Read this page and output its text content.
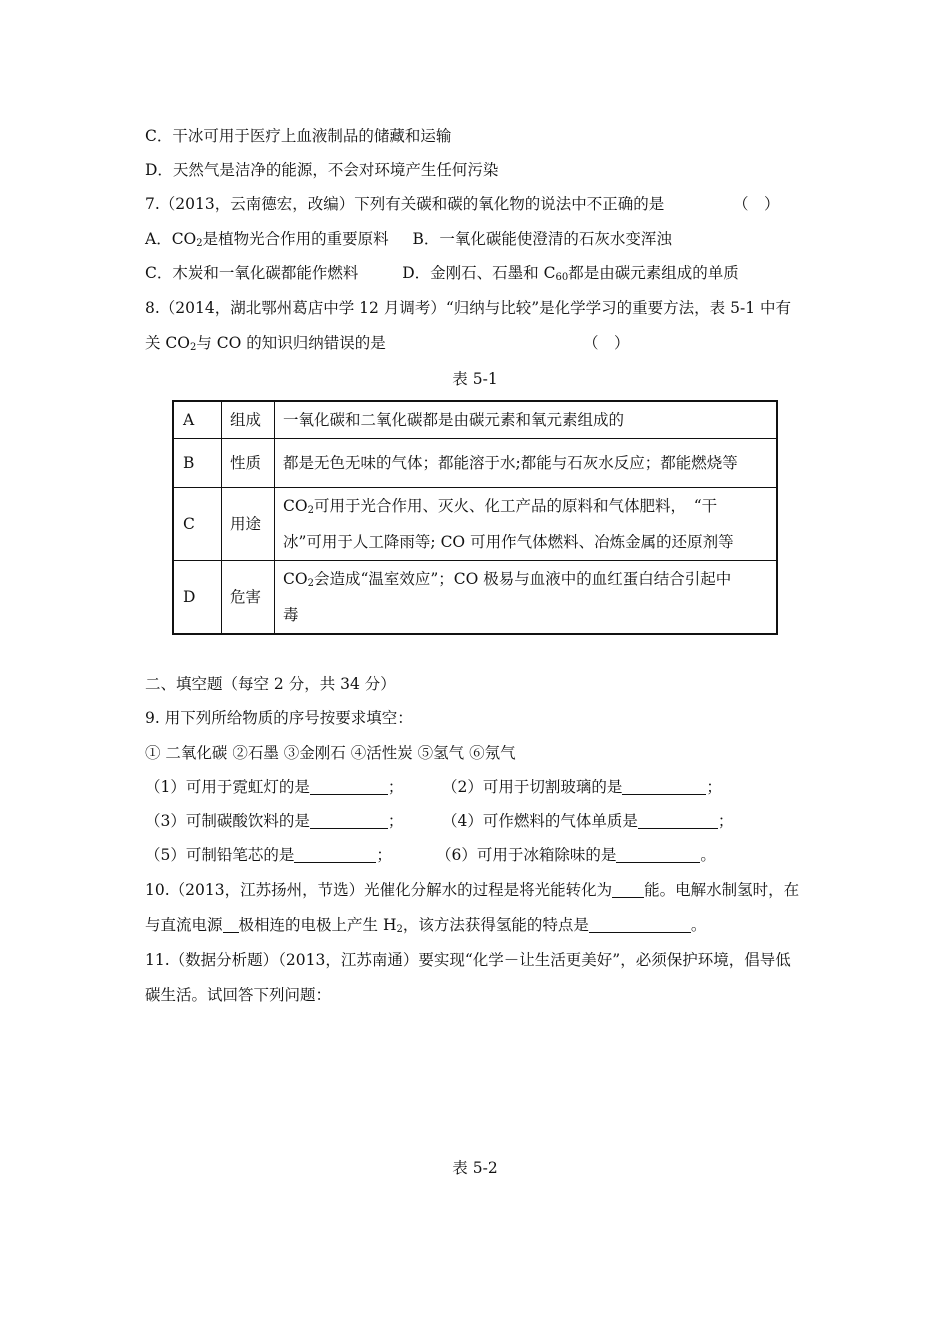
C．干冰可用于医疗上血液制品的储藏和运输
D．天然气是洁净的能源，不会对环境产生任何污染
7.（2013，云南德宏，改编）下列有关碳和碳的氧化物的说法中不正确的是	（　）
A．$CO_2$是植物光合作用的重要原料 B．一氧化碳能使澄清的石灰水变浑浊
C．木炭和一氧化碳都能作燃料	D．金刚石、石墨和 $C_{60}$都是由碳元素组成的单质
8.（2014，湖北鄂州葛店中学 12 月调考）“归纳与比较”是化学学习的重要方法，表 5-1 中有
关 $CO_2$与 CO 的知识归纳错误的是	（　）
表 5-1
A	组成	一氧化碳和二氧化碳都是由碳元素和氧元素组成的
B	性质	都是无色无味的气体；都能溶于水;都能与石灰水反应；都能燃烧等
C	用途	$CO_2$可用于光合作用、灭火、化工产品的原料和气体肥料，　“干
冰”可用于人工降雨等; CO 可用作气体燃料、冶炼金属的还原剂等

D	危害	$CO_2$会造成“温室效应”；CO 极易与血液中的血红蛋白结合引起中
毒
二、填空题（每空 2 分，共 34 分）
9. 用下列所给物质的序号按要求填空：
① 二氧化碳 ②石墨 ③金刚石 ④活性炭 ⑤氢气 ⑥氖气
（1）可用于霓虹灯的是	； （2）可用于切割玻璃的是	；
（3）可制碳酸饮料的是	； （4）可作燃料的气体单质是	；
（5）可制铅笔芯的是	；	（6）可用于冰箱除味的是	。
10.（2013，江苏扬州，节选）光催化分解水的过程是将光能转化为 能。电解水制氢时，在
与直流电源 极相连的电极上产生 $H_2$，该方法获得氢能的特点是	。
11.（数据分析题）（2013，江苏南通）要实现“化学－让生活更美好”，必须保护环境，倡导低
碳生活。试回答下列问题：
表 5-2
